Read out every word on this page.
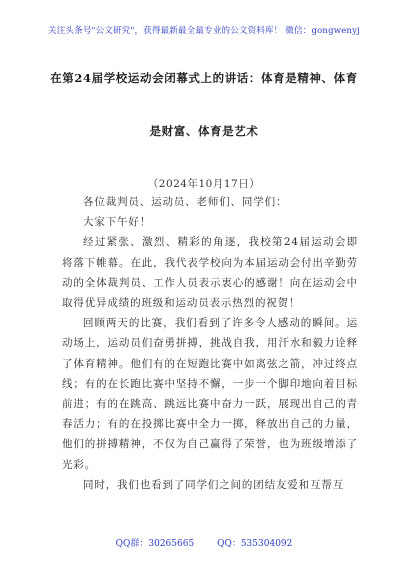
关注头条号"公文研究"，获得最新最全最专业的公文资料库！ 微信：gongwenyj
在第24届学校运动会闭幕式上的讲话：体育是精神、体育
是财富、体育是艺术
（2024年10月17日）

各位裁判员、运动员、老师们、同学们：

大家下午好！

经过紧张、激烈、精彩的角逐，我校第24届运动会即将落下帷幕。在此，我代表学校向为本届运动会付出辛勤劳动的全体裁判员、工作人员表示衷心的感谢！向在运动会中取得优异成绩的班级和运动员表示热烈的祝贺！

回顾两天的比赛，我们看到了许多令人感动的瞬间。运动场上，运动员们奋勇拼搏，挑战自我，用汗水和毅力诠释了体育精神。他们有的在短跑比赛中如离弦之箭，冲过终点线；有的在长跑比赛中坚持不懈，一步一个脚印地向着目标前进；有的在跳高、跳远比赛中奋力一跃，展现出自己的青春活力；有的在投掷比赛中全力一掷，释放出自己的力量，他们的拼搏精神，不仅为自己赢得了荣誉，也为班级增添了光彩。

同时，我们也看到了同学们之间的团结友爱和互帮互

QQ群：30265665	QQ：535304092
